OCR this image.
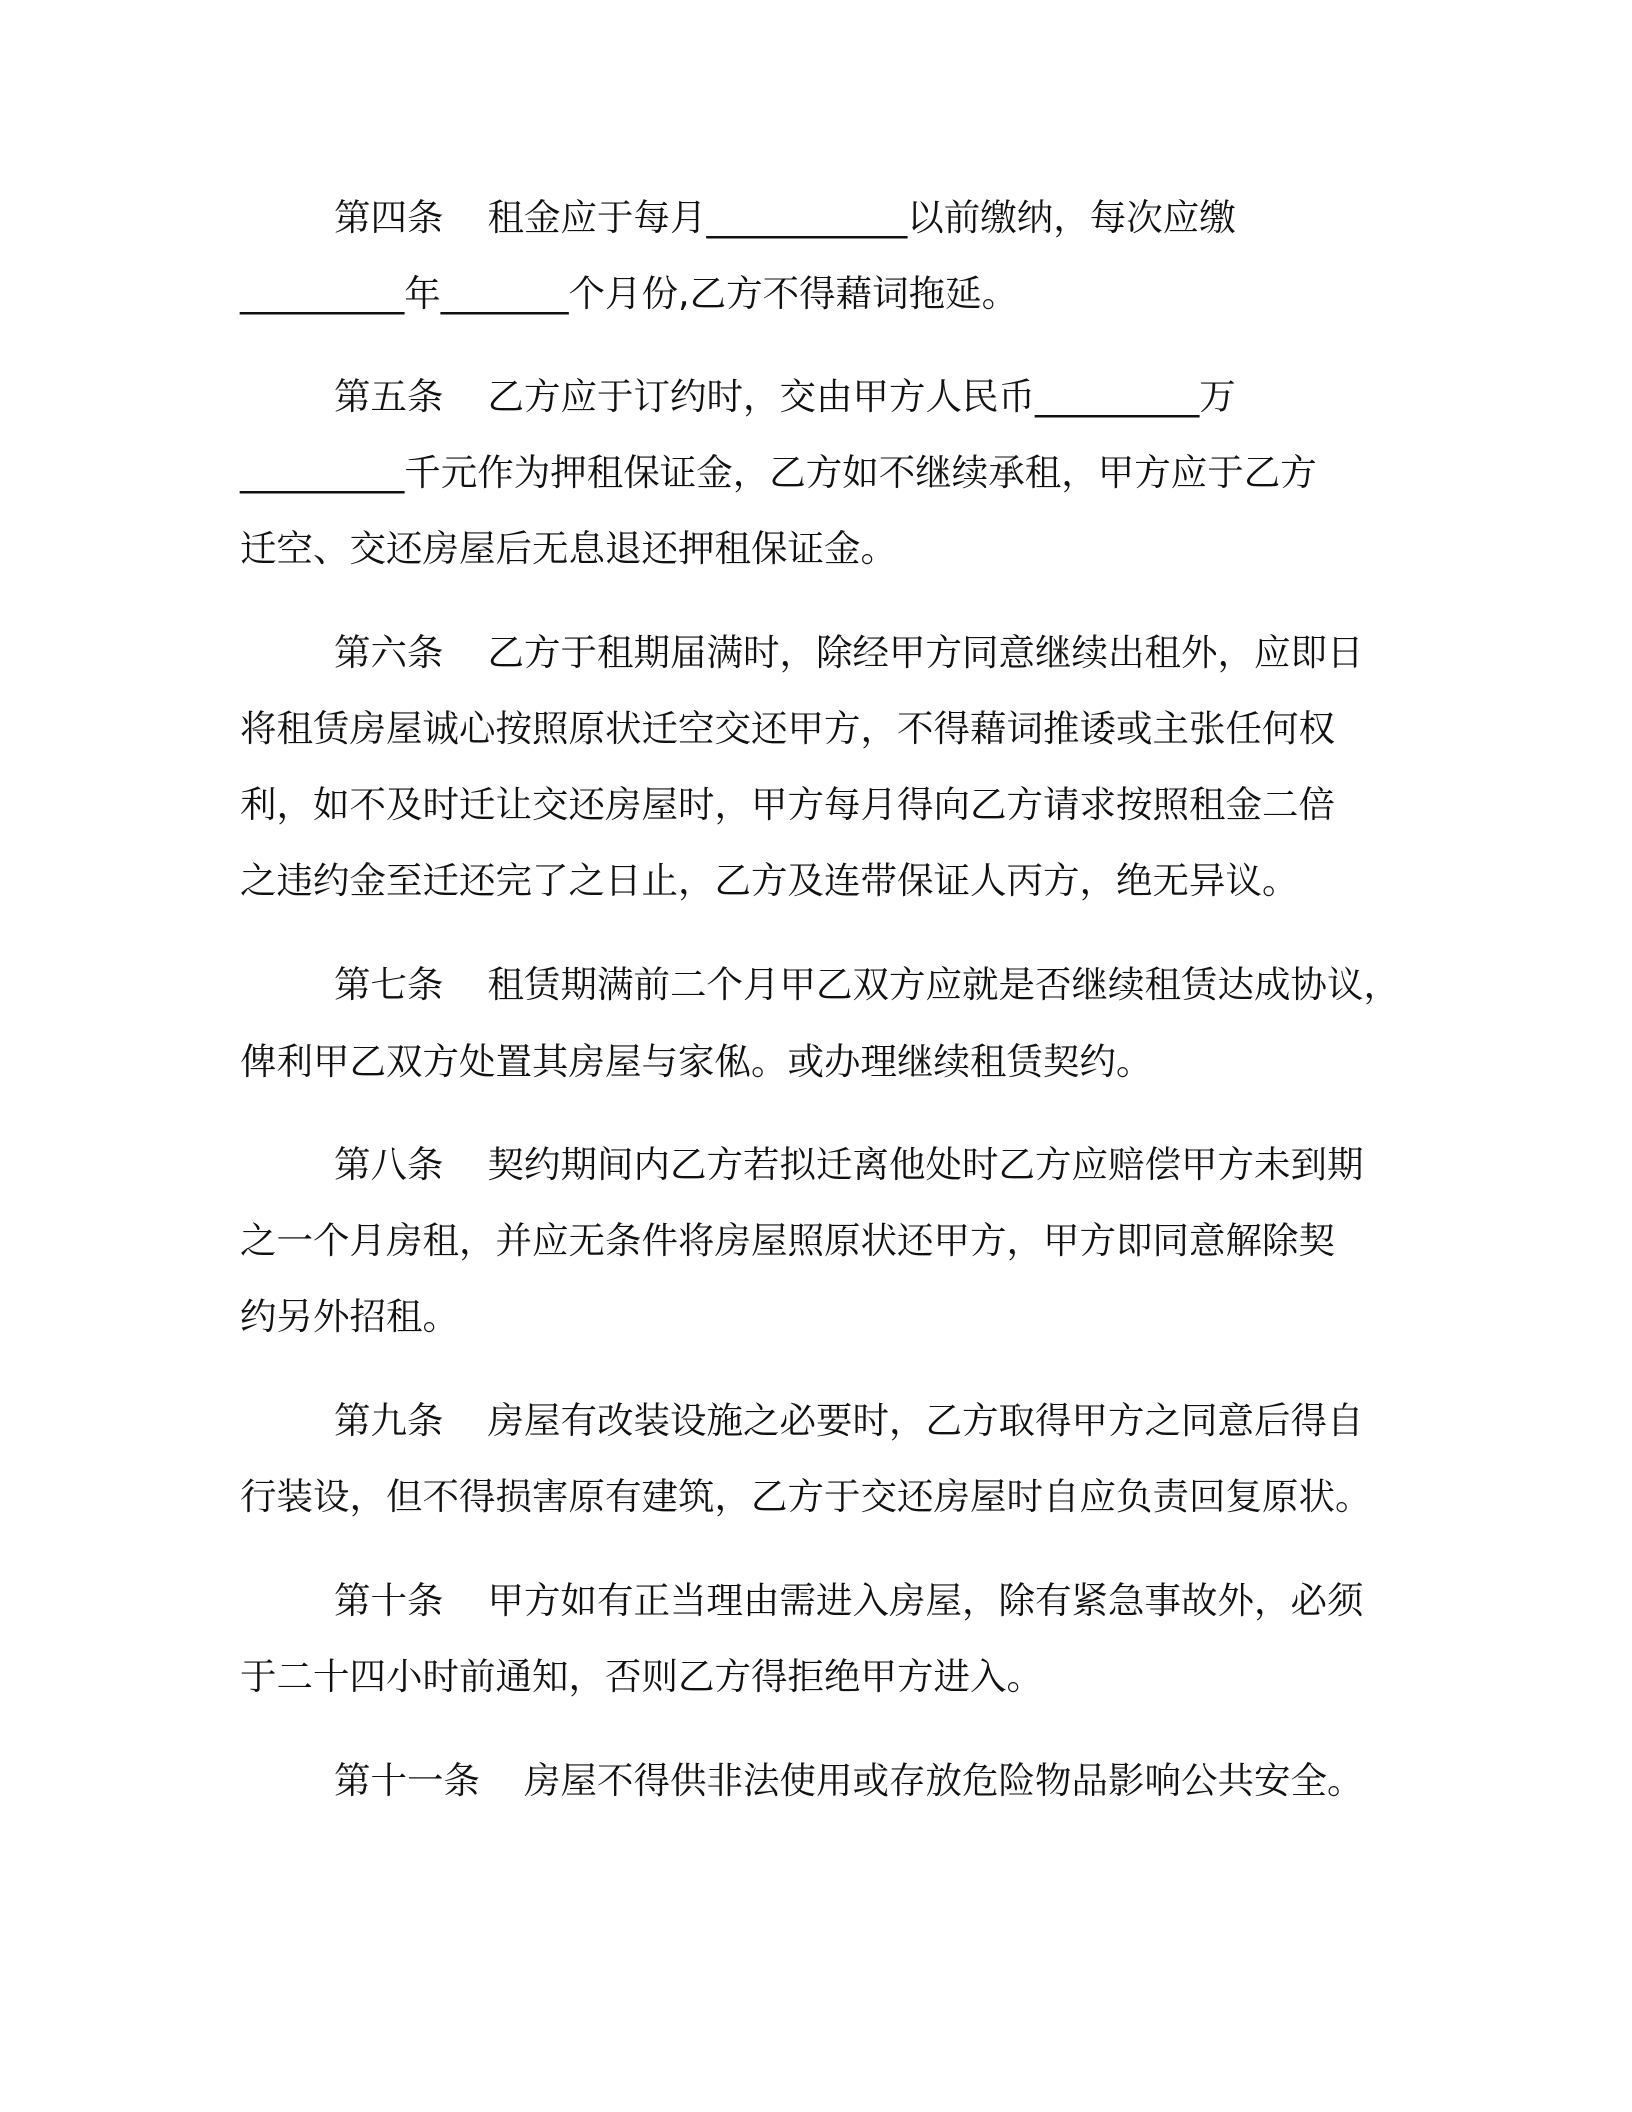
第四条 租金应于每月___________以前缴纳，每次应缴
_________年_______个月份,乙方不得藉词拖延。
第五条 乙方应于订约时，交由甲方人民币_________万
_________千元作为押租保证金，乙方如不继续承租，甲方应于乙方
迁空、交还房屋后无息退还押租保证金。
第六条 乙方于租期届满时，除经甲方同意继续出租外，应即日
将租赁房屋诚心按照原状迁空交还甲方，不得藉词推诿或主张任何权
利，如不及时迁让交还房屋时，甲方每月得向乙方请求按照租金二倍
之违约金至迁还完了之日止，乙方及连带保证人丙方，绝无异议。
第七条 租赁期满前二个月甲乙双方应就是否继续租赁达成协议，
俾利甲乙双方处置其房屋与家俬。或办理继续租赁契约。
第八条 契约期间内乙方若拟迁离他处时乙方应赔偿甲方未到期
之一个月房租，并应无条件将房屋照原状还甲方，甲方即同意解除契
约另外招租。
第九条 房屋有改装设施之必要时，乙方取得甲方之同意后得自
行装设，但不得损害原有建筑，乙方于交还房屋时自应负责回复原状。
第十条 甲方如有正当理由需进入房屋，除有紧急事故外，必须
于二十四小时前通知，否则乙方得拒绝甲方进入。
第十一条 房屋不得供非法使用或存放危险物品影响公共安全。
